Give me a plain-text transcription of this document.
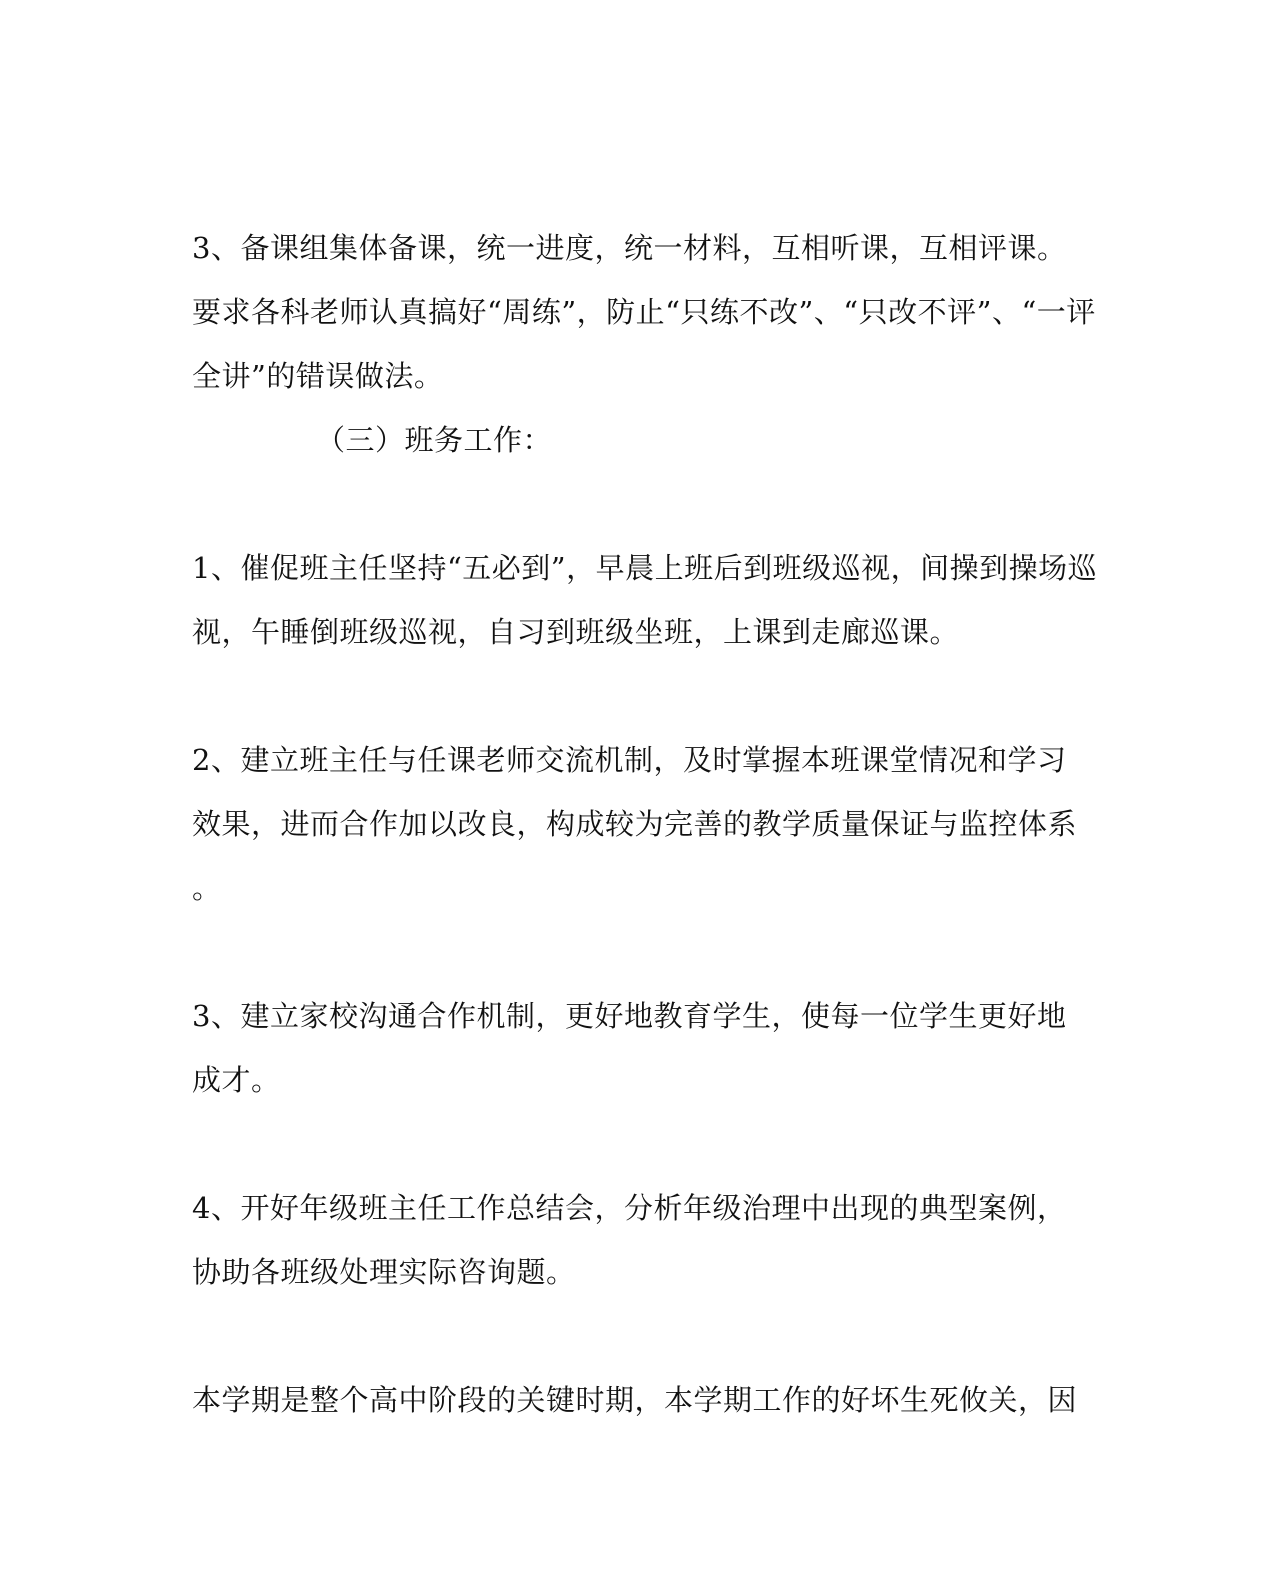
3、备课组集体备课，统一进度，统一材料，互相听课，互相评课。
要求各科老师认真搞好“周练”，防止“只练不改”、“只改不评”、“一评
全讲”的错误做法。
（三）班务工作：
1、催促班主任坚持“五必到”，早晨上班后到班级巡视，间操到操场巡
视，午睡倒班级巡视，自习到班级坐班，上课到走廊巡课。
2、建立班主任与任课老师交流机制，及时掌握本班课堂情况和学习
效果，进而合作加以改良，构成较为完善的教学质量保证与监控体系
。
3、建立家校沟通合作机制，更好地教育学生，使每一位学生更好地
成才。
4、开好年级班主任工作总结会，分析年级治理中出现的典型案例，
协助各班级处理实际咨询题。
本学期是整个高中阶段的关键时期，本学期工作的好坏生死攸关，因
